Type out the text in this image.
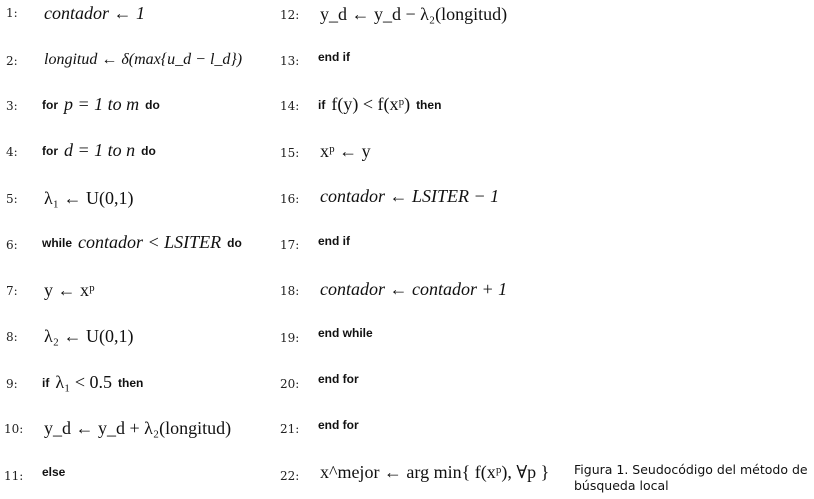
1: contador ← 1
2: longitud ← δ(max{u_d − l_d})
3: for p = 1 to m do
4: for d = 1 to n do
5: λ₁ ← U(0,1)
6: while contador < LSITER do
7: y ← xᵖ
8: λ₂ ← U(0,1)
9: if λ₁ < 0.5 then
10: y_d ← y_d + λ₂(longitud)
11: else
12: y_d ← y_d − λ₂(longitud)
13: end if
14: if f(y) < f(xᵖ) then
15: xᵖ ← y
16: contador ← LSITER − 1
17: end if
18: contador ← contador + 1
19: end while
20: end for
21: end for
22: x^mejor ← arg min{ f(xᵖ), ∀p } Figura 1. Seudocódigo del método de búsqueda local
